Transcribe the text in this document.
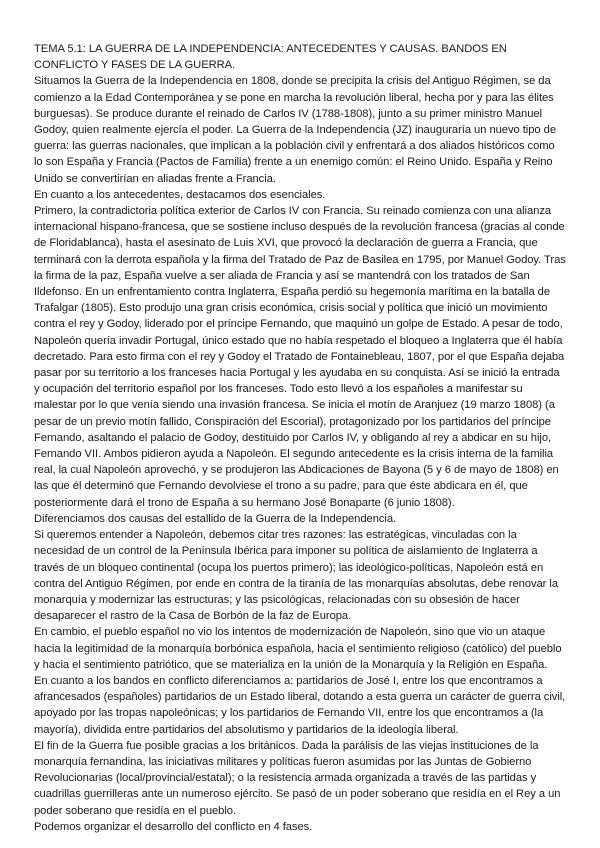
TEMA 5.1: LA GUERRA DE LA INDEPENDENCIA: ANTECEDENTES Y CAUSAS. BANDOS EN CONFLICTO Y FASES DE LA GUERRA.

Situamos la Guerra de la Independencia en 1808, donde se precipita la crisis del Antiguo Régimen, se da comienzo a la Edad Contemporánea y se pone en marcha la revolución liberal, hecha por y para las élites burguesas). Se produce durante el reinado de Carlos IV (1788-1808), junto a su primer ministro Manuel Godoy, quien realmente ejercía el poder. La Guerra de la Independencia (JZ) inauguraría un nuevo tipo de guerra: las guerras nacionales, que implican a la población civil y enfrentará a dos aliados históricos como lo son España y Francia (Pactos de Familia) frente a un enemigo común: el Reino Unido. España y Reino Unido se convertirían en aliadas frente a Francia.

En cuanto a los antecedentes, destacamos dos esenciales.

Primero, la contradictoria política exterior de Carlos IV con Francia. Su reinado comienza con una alianza internacional hispano-francesa, que se sostiene incluso después de la revolución francesa (gracias al conde de Floridablanca), hasta el asesinato de Luis XVI, que provocó la declaración de guerra a Francia, que terminará con la derrota española y la firma del Tratado de Paz de Basilea en 1795, por Manuel Godoy. Tras la firma de la paz, España vuelve a ser aliada de Francia y así se mantendrá con los tratados de San Ildefonso. En un enfrentamiento contra Inglaterra, España perdió su hegemonía marítima en la batalla de Trafalgar (1805). Esto produjo una gran crisis económica, crisis social y política que inició un movimiento contra el rey y Godoy, liderado por el príncipe Fernando, que maquinó un golpe de Estado. A pesar de todo, Napoleón quería invadir Portugal, único estado que no había respetado el bloqueo a Inglaterra que él había decretado. Para esto firma con el rey y Godoy el Tratado de Fontainebleau, 1807, por el que España dejaba pasar por su territorio a los franceses hacia Portugal y les ayudaba en su conquista. Así se inició la entrada y ocupación del territorio español por los franceses. Todo esto llevó a los españoles a manifestar su malestar por lo que venía siendo una invasión francesa. Se inicia el motín de Aranjuez (19 marzo 1808) (a pesar de un previo motín fallido, Conspiración del Escorial), protagonizado por los partidarios del príncipe Fernando, asaltando el palacio de Godoy, destituido por Carlos IV, y obligando al rey a abdicar en su hijo, Fernando VII. Ambos pidieron ayuda a Napoleón. El segundo antecedente es la crisis interna de la familia real, la cual Napoleón aprovechó, y se produjeron las Abdicaciones de Bayona (5 y 6 de mayo de 1808) en las que él determinó que Fernando devolviese el trono a su padre, para que éste abdicara en él, que posteriormente dará el trono de España a su hermano José Bonaparte (6 junio 1808).

Diferenciamos dos causas del estallido de la Guerra de la Independencia.

Si queremos entender a Napoleón, debemos citar tres razones: las estratégicas, vinculadas con la necesidad de un control de la Península Ibérica para imponer su política de aislamiento de Inglaterra a través de un bloqueo continental (ocupa los puertos primero); las ideológico-políticas, Napoleón está en contra del Antiguo Régimen, por ende en contra de la tiranía de las monarquías absolutas, debe renovar la monarquía y modernizar las estructuras; y las psicológicas, relacionadas con su obsesión de hacer desaparecer el rastro de la Casa de Borbón de la faz de Europa.

En cambio, el pueblo español no vio los intentos de modernización de Napoleón, sino que vio un ataque hacia la legitimidad de la monarquía borbónica española, hacia el sentimiento religioso (católico) del pueblo y hacia el sentimiento patriótico, que se materializa en la unión de la Monarquía y la Religión en España.

En cuanto a los bandos en conflicto diferenciamos a: partidarios de José I, entre los que encontramos a afrancesados (españoles) partidarios de un Estado liberal, dotando a esta guerra un carácter de guerra civil, apoyado por las tropas napoleónicas; y los partidarios de Fernando VII, entre los que encontramos a (la mayoría), dividida entre partidarios del absolutismo y partidarios de la ideología liberal.

El fin de la Guerra fue posible gracias a los británicos. Dada la parálisis de las viejas instituciones de la monarquía fernandina, las iniciativas militares y políticas fueron asumidas por las Juntas de Gobierno Revolucionarias (local/provincial/estatal); o la resistencia armada organizada a través de las partidas y cuadrillas guerrilleras ante un numeroso ejército. Se pasó de un poder soberano que residía en el Rey a un poder soberano que residía en el pueblo.

Podemos organizar el desarrollo del conflicto en 4 fases.
